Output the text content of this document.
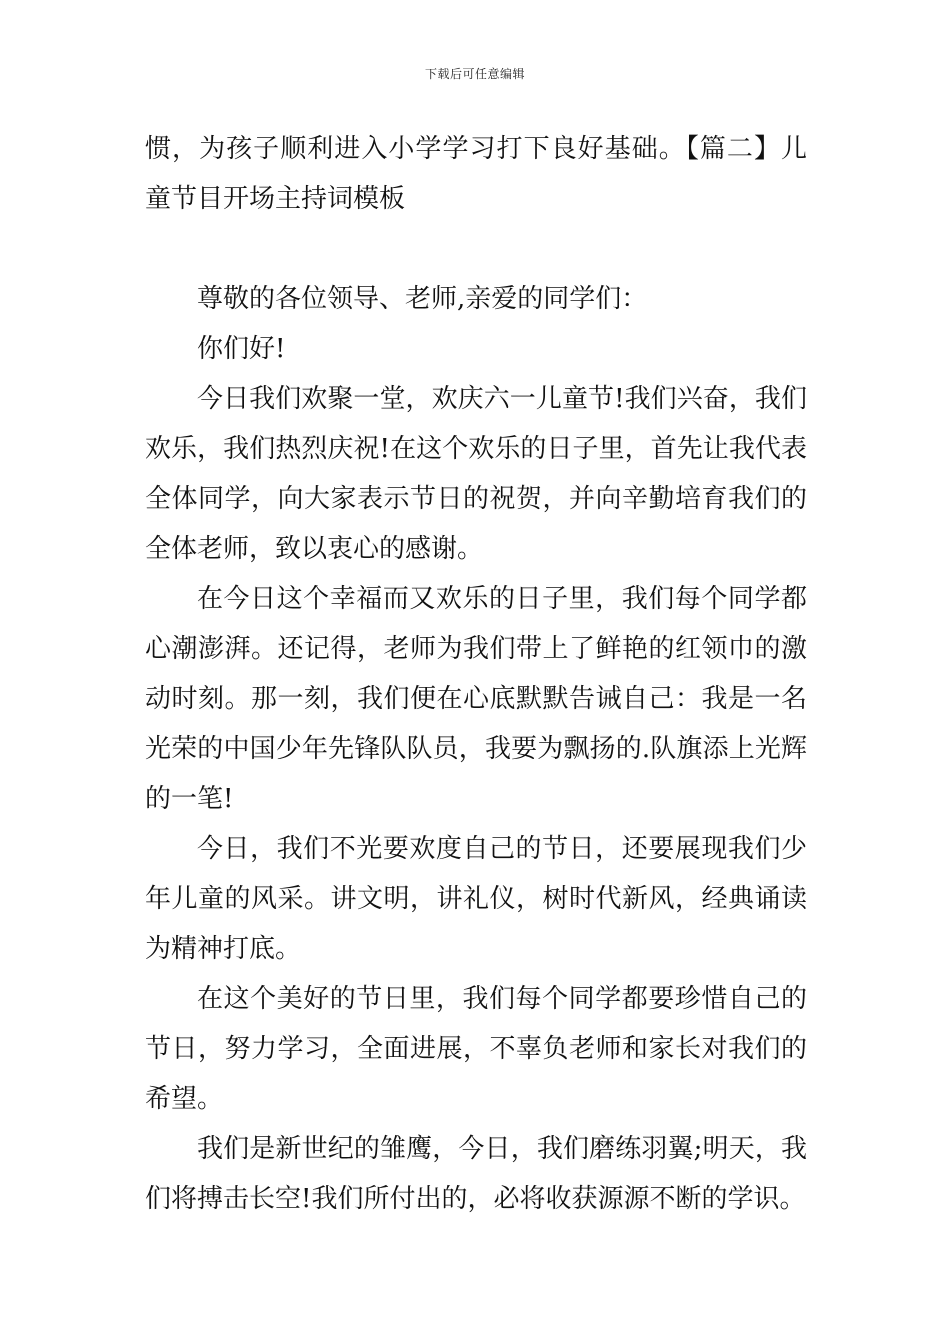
下载后可任意编辑

惯，为孩子顺利进入小学学习打下良好基础。【篇二】儿童节目开场主持词模板

尊敬的各位领导、老师,亲爱的同学们：

你们好!

今日我们欢聚一堂，欢庆六一儿童节!我们兴奋，我们欢乐，我们热烈庆祝!在这个欢乐的日子里，首先让我代表全体同学，向大家表示节日的祝贺，并向辛勤培育我们的全体老师，致以衷心的感谢。

在今日这个幸福而又欢乐的日子里，我们每个同学都心潮澎湃。还记得，老师为我们带上了鲜艳的红领巾的激动时刻。那一刻，我们便在心底默默告诫自己：我是一名光荣的中国少年先锋队队员，我要为飘扬的.队旗添上光辉的一笔!

今日，我们不光要欢度自己的节日，还要展现我们少年儿童的风采。讲文明，讲礼仪，树时代新风，经典诵读为精神打底。

在这个美好的节日里，我们每个同学都要珍惜自己的节日，努力学习，全面进展，不辜负老师和家长对我们的希望。

我们是新世纪的雏鹰，今日，我们磨练羽翼;明天，我们将搏击长空!我们所付出的，必将收获源源不断的学识。
